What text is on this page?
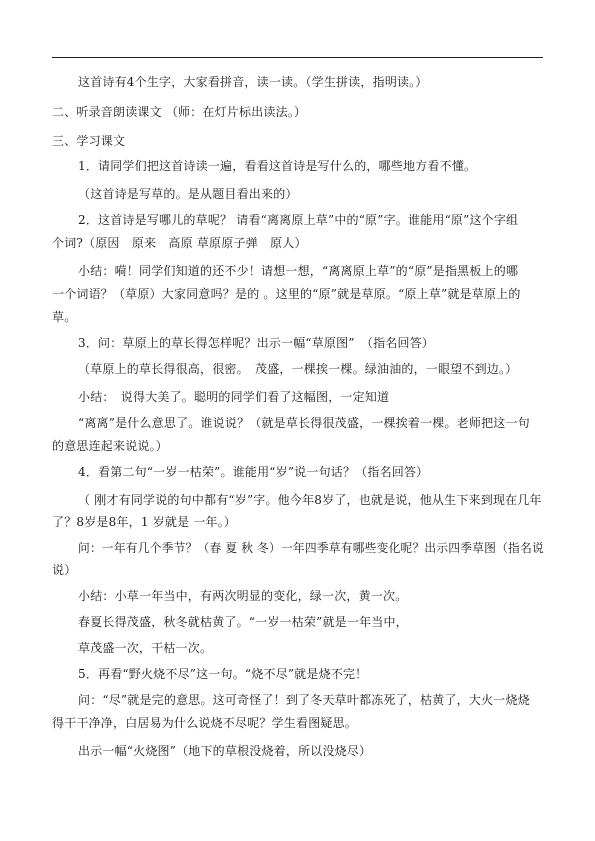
这首诗有4个生字，大家看拼音，读一读。（学生拼读，指明读。）
二、听录音朗读课文 （师：在灯片标出读法。）
三、学习课文
1．请同学们把这首诗读一遍，看看这首诗是写什么的，哪些地方看不懂。
（这首诗是写草的。是从题目看出来的）
2．这首诗是写哪儿的草呢？ 请看“离离原上草”中的“原”字。谁能用“原”这个字组
个词?（原因　原来　高原 草原原子弹　原人）
小结：嗬！同学们知道的还不少！请想一想，“离离原上草”的“原”是指黑板上的哪
一个词语？（草原）大家同意吗？是的 。这里的“原”就是草原。“原上草”就是草原上的
草。
3．问：草原上的草长得怎样呢？出示一幅“草原图”　（指名回答）
（草原上的草长得很高，很密。　茂盛，一棵挨一棵。绿油油的，一眼望不到边。）
小结：　说得大美了。聪明的同学们看了这幅图，一定知道
“离离”是什么意思了。谁说说？（就是草长得很茂盛，一棵挨着一棵。老师把这一句
的意思连起来说说。）
4．看第二句“一岁一枯荣”。谁能用“岁”说一句话？（指名回答）
（ 刚才有同学说的句中都有“岁”字。他今年8岁了，也就是说，他从生下来到现在几年
了？8岁是8年，1 岁就是 一年。）
问：一年有几个季节？（春 夏 秋 冬）一年四季草有哪些变化呢？出示四季草图（指名说
说）
小结：小草一年当中，有两次明显的变化，绿一次，黄一次。
春夏长得茂盛，秋冬就枯黄了。“一岁一枯荣”就是一年当中，
草茂盛一次，干枯一次。
5．再看“野火烧不尽”这一句。“烧不尽”就是烧不完！
问：“尽”就是完的意思。这可奇怪了！到了冬天草叶都冻死了，枯黄了，大火一烧烧
得干干净净，白居易为什么说烧不尽呢？学生看图疑思。
出示一幅“火烧图”（地下的草根没烧着，所以没烧尽）
